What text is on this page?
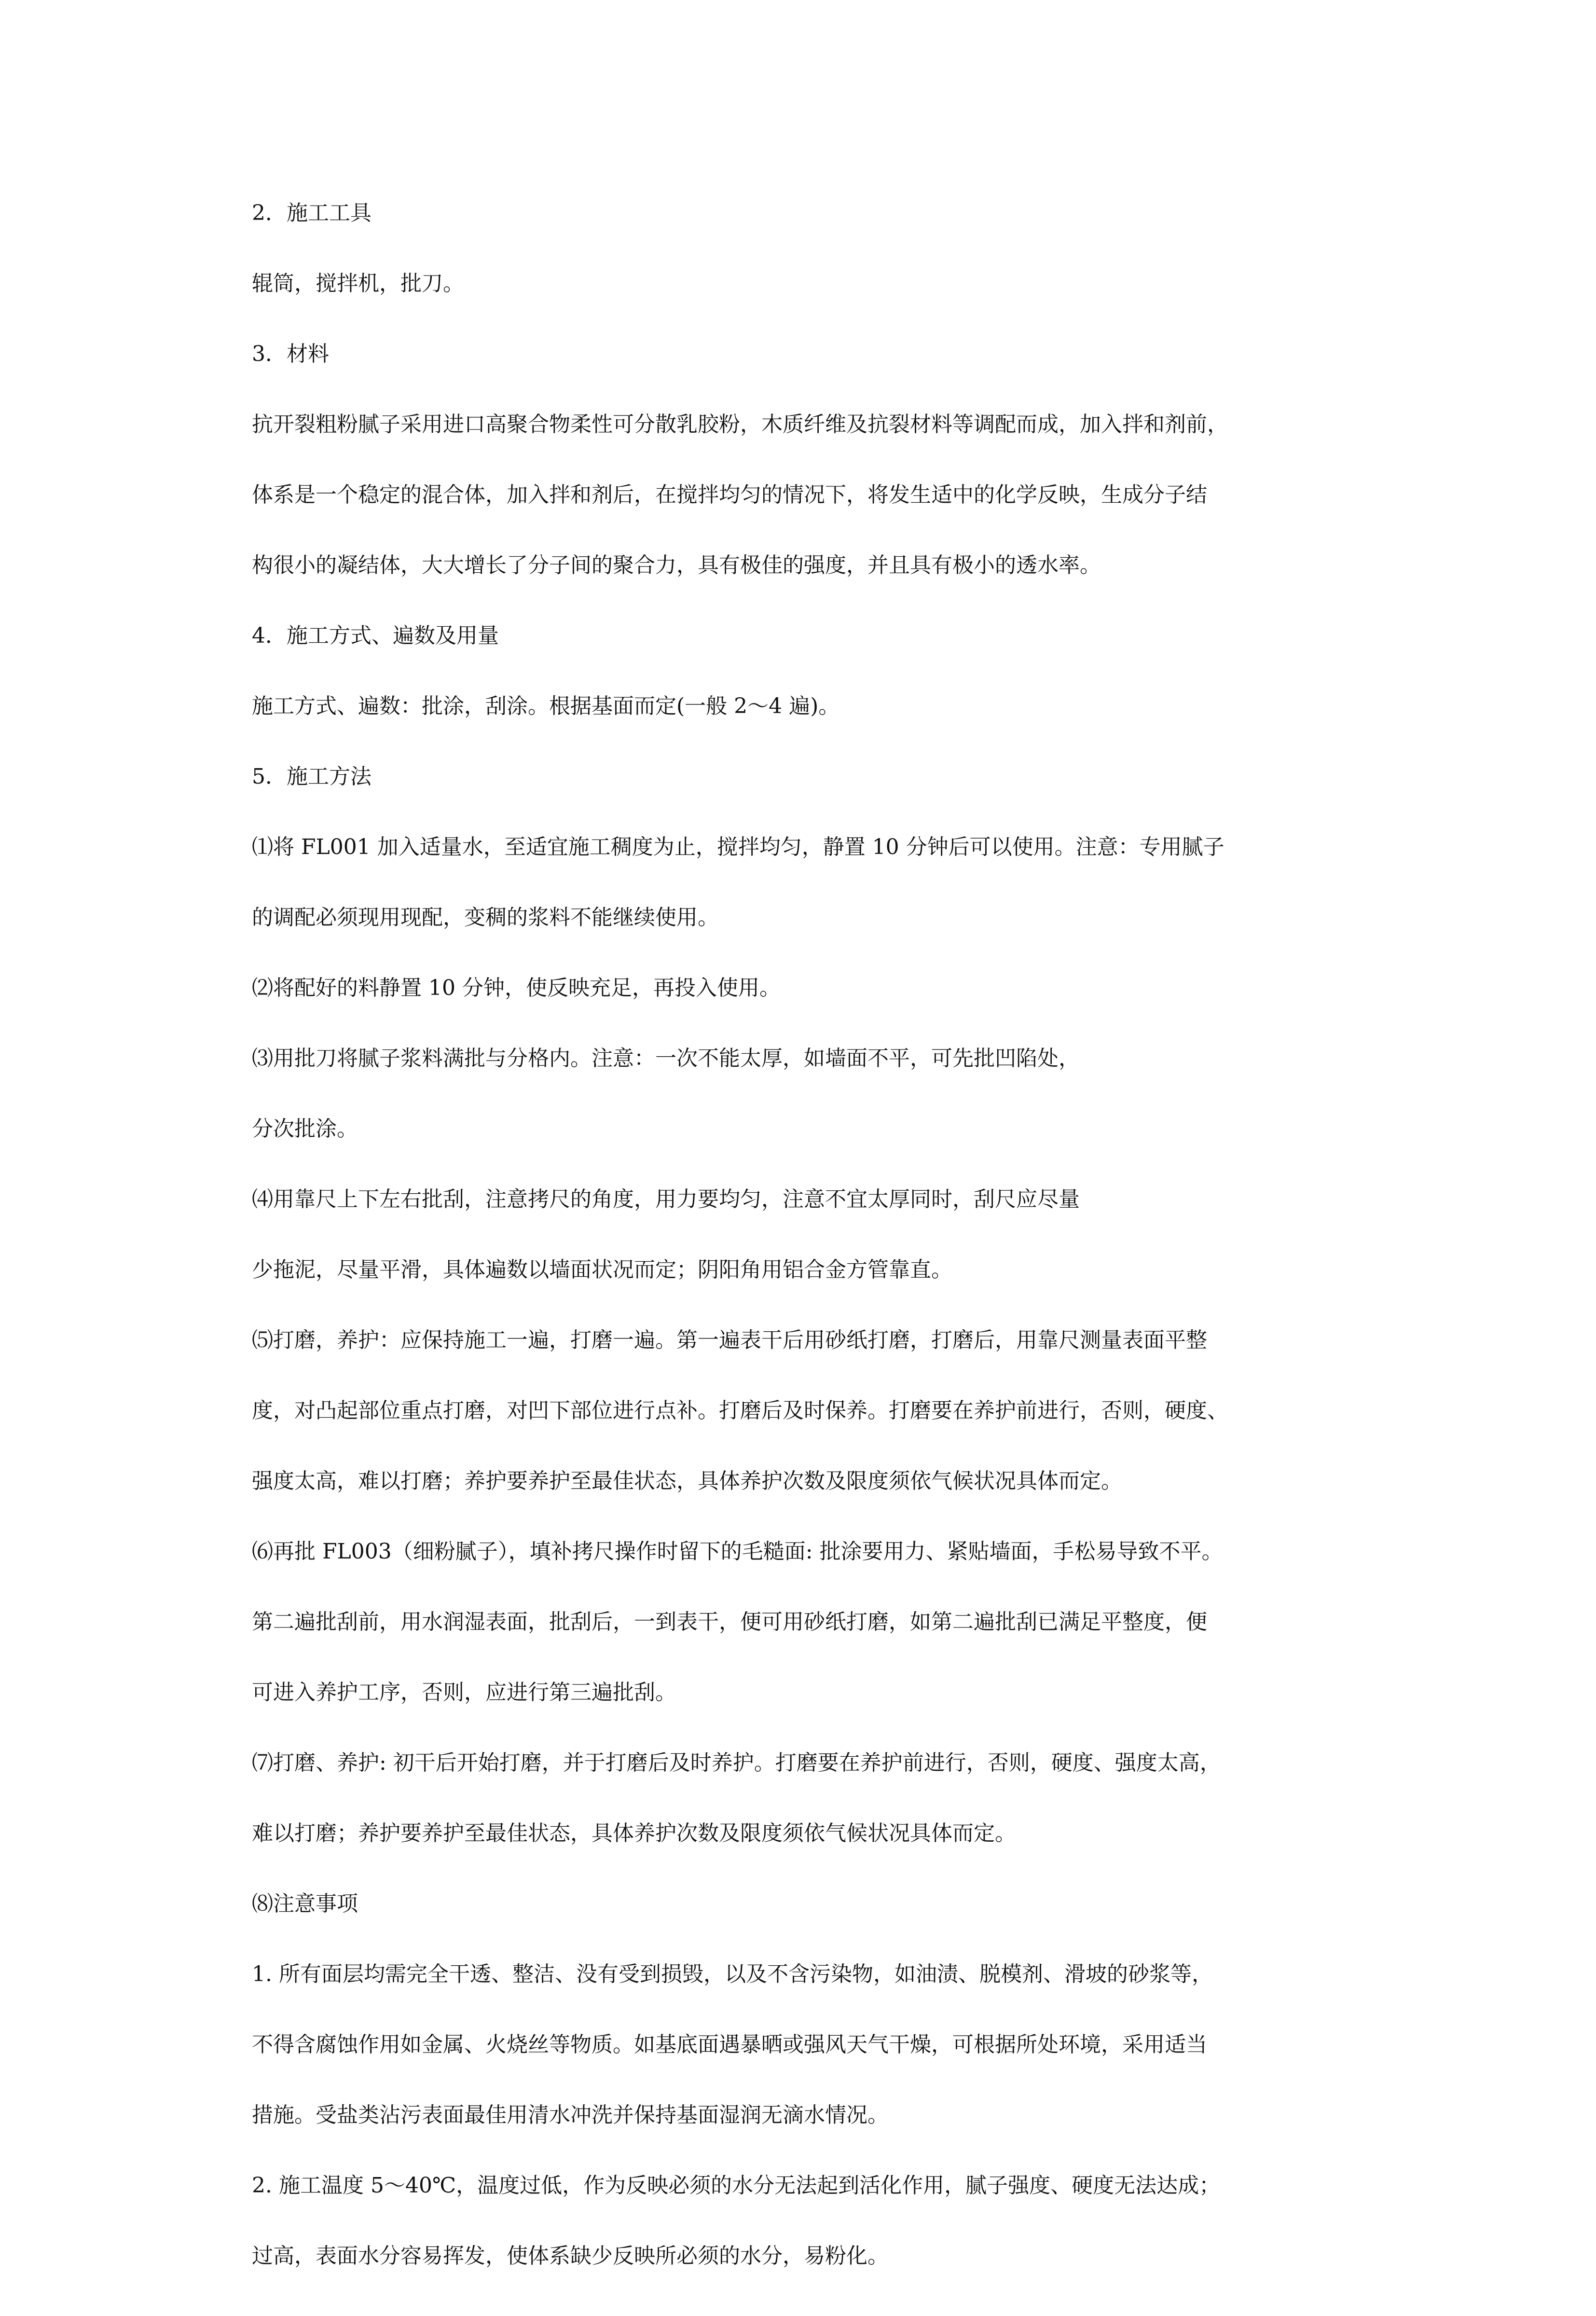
2．施工工具

辊筒，搅拌机，批刀。

3．材料

抗开裂粗粉腻子采用进口高聚合物柔性可分散乳胶粉，木质纤维及抗裂材料等调配而成，加入拌和剂前，

体系是一个稳定的混合体，加入拌和剂后，在搅拌均匀的情况下，将发生适中的化学反映，生成分子结

构很小的凝结体，大大增长了分子间的聚合力，具有极佳的强度，并且具有极小的透水率。

4．施工方式、遍数及用量

施工方式、遍数：批涂，刮涂。根据基面而定(一般 2～4 遍)。

5．施工方法

⑴将 FL001 加入适量水，至适宜施工稠度为止，搅拌均匀，静置 10 分钟后可以使用。注意：专用腻子

的调配必须现用现配，变稠的浆料不能继续使用。

⑵将配好的料静置 10 分钟，使反映充足，再投入使用。

⑶用批刀将腻子浆料满批与分格内。注意：一次不能太厚，如墙面不平，可先批凹陷处，

分次批涂。

⑷用靠尺上下左右批刮，注意拷尺的角度，用力要均匀，注意不宜太厚同时，刮尺应尽量

少拖泥，尽量平滑，具体遍数以墙面状况而定；阴阳角用铝合金方管靠直。

⑸打磨，养护：应保持施工一遍，打磨一遍。第一遍表干后用砂纸打磨，打磨后，用靠尺测量表面平整

度，对凸起部位重点打磨，对凹下部位进行点补。打磨后及时保养。打磨要在养护前进行，否则，硬度、

强度太高，难以打磨；养护要养护至最佳状态，具体养护次数及限度须依气候状况具体而定。

⑹再批 FL003（细粉腻子），填补拷尺操作时留下的毛糙面: 批涂要用力、紧贴墙面，手松易导致不平。

第二遍批刮前，用水润湿表面，批刮后，一到表干，便可用砂纸打磨，如第二遍批刮已满足平整度，便

可进入养护工序，否则，应进行第三遍批刮。

⑺打磨、养护: 初干后开始打磨，并于打磨后及时养护。打磨要在养护前进行，否则，硬度、强度太高，

难以打磨；养护要养护至最佳状态，具体养护次数及限度须依气候状况具体而定。

⑻注意事项

1. 所有面层均需完全干透、整洁、没有受到损毁，以及不含污染物，如油渍、脱模剂、滑坡的砂浆等，

不得含腐蚀作用如金属、火烧丝等物质。如基底面遇暴晒或强风天气干燥，可根据所处环境，采用适当

措施。受盐类沾污表面最佳用清水冲洗并保持基面湿润无滴水情况。

2. 施工温度 5～40℃，温度过低，作为反映必须的水分无法起到活化作用，腻子强度、硬度无法达成；

过高，表面水分容易挥发，使体系缺少反映所必须的水分，易粉化。
